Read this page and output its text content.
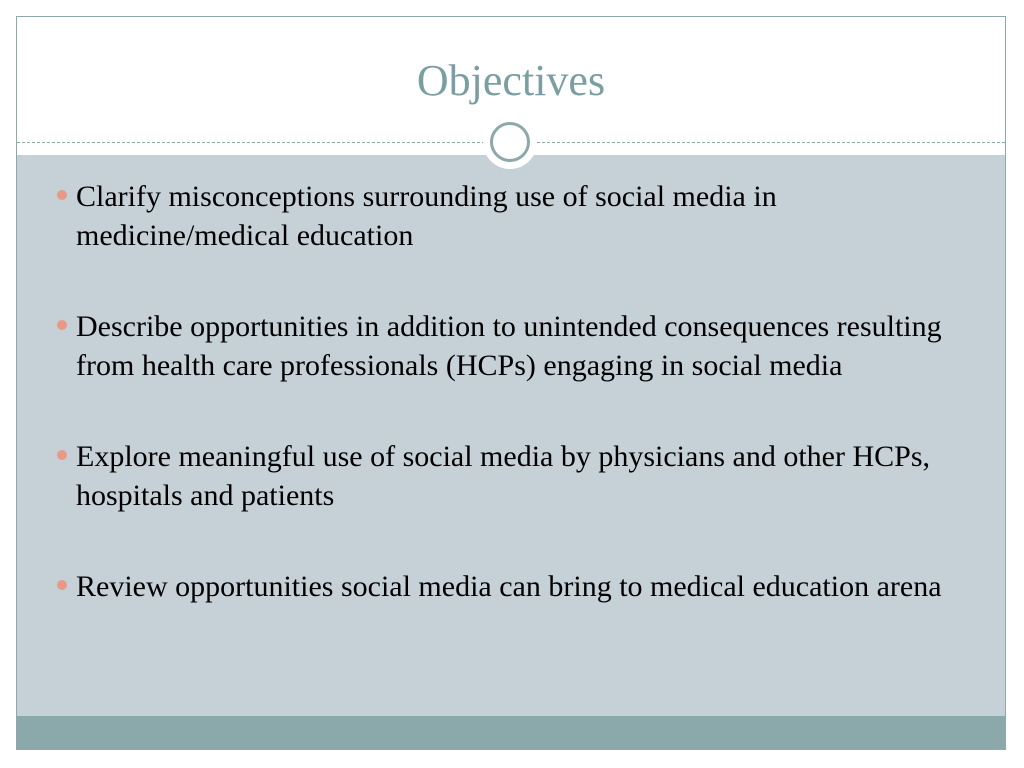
Objectives
Clarify misconceptions surrounding use of social media in medicine/medical education
Describe opportunities in addition to unintended consequences resulting from health care professionals (HCPs) engaging in social media
Explore meaningful use of social media by physicians and other HCPs, hospitals and patients
Review opportunities social media can bring to medical education arena
